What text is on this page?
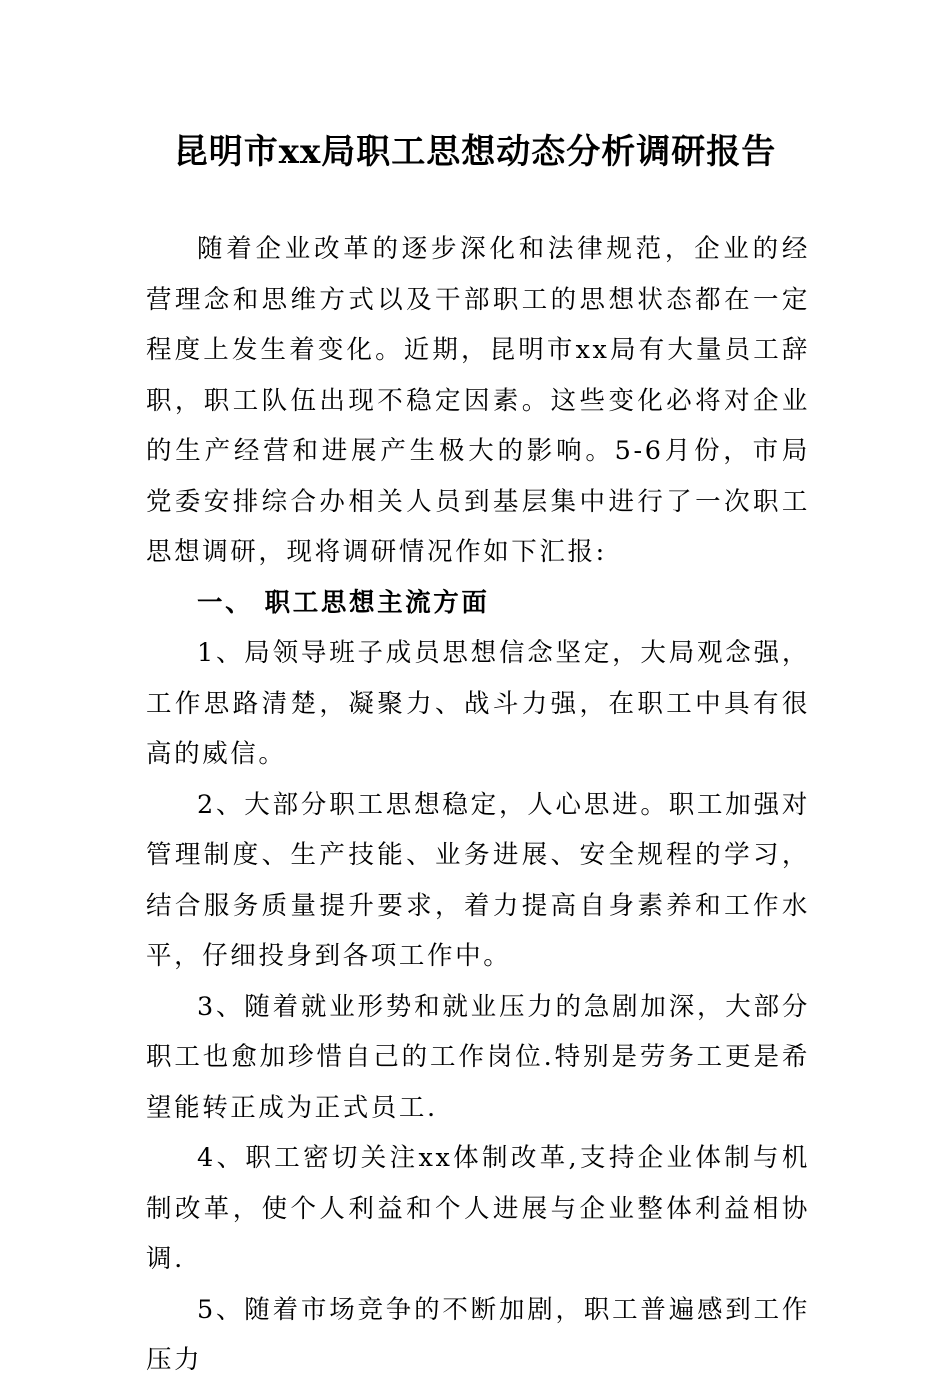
昆明市xx局职工思想动态分析调研报告

随着企业改革的逐步深化和法律规范，企业的经营理念和思维方式以及干部职工的思想状态都在一定程度上发生着变化。近期，昆明市xx局有大量员工辞职，职工队伍出现不稳定因素。这些变化必将对企业的生产经营和进展产生极大的影响。5-6月份，市局党委安排综合办相关人员到基层集中进行了一次职工思想调研，现将调研情况作如下汇报:

一、 职工思想主流方面

1、局领导班子成员思想信念坚定，大局观念强，工作思路清楚，凝聚力、战斗力强，在职工中具有很高的威信。

2、大部分职工思想稳定，人心思进。职工加强对管理制度、生产技能、业务进展、安全规程的学习，结合服务质量提升要求，着力提高自身素养和工作水平，仔细投身到各项工作中。

3、随着就业形势和就业压力的急剧加深，大部分职工也愈加珍惜自己的工作岗位.特别是劳务工更是希望能转正成为正式员工.

4、职工密切关注xx体制改革,支持企业体制与机制改革，使个人利益和个人进展与企业整体利益相协调.

5、随着市场竞争的不断加剧，职工普遍感到工作压力
